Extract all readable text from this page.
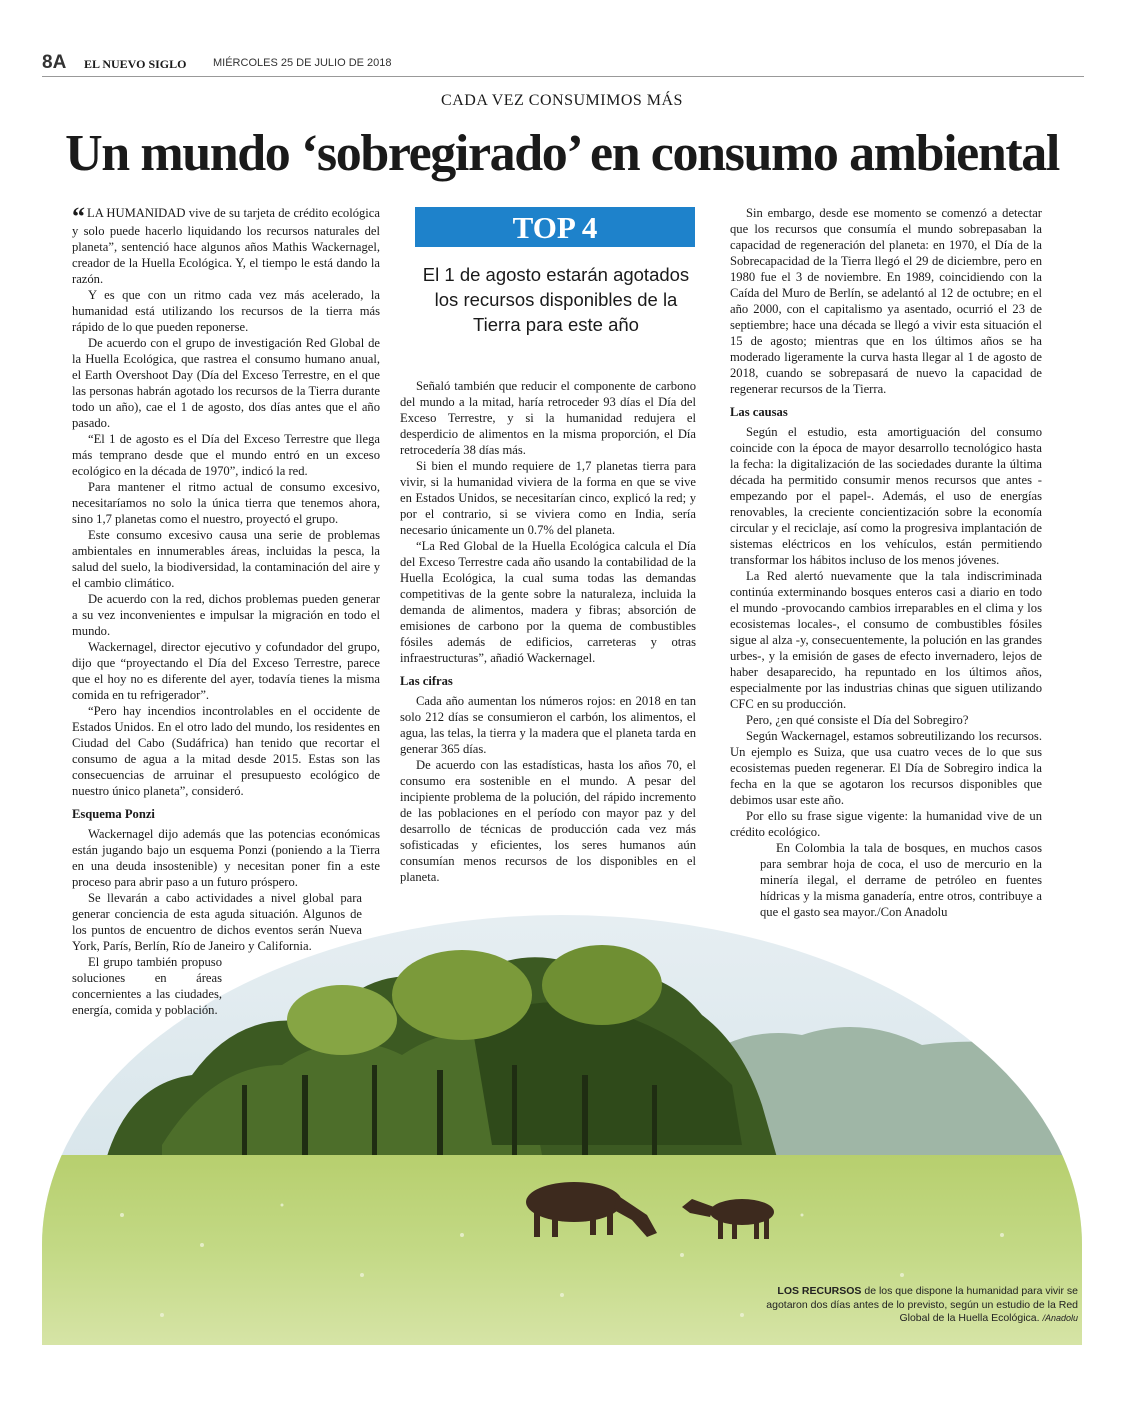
8A EL NUEVO SIGLO MIÉRCOLES 25 DE JULIO DE 2018
CADA VEZ CONSUMIMOS MÁS
Un mundo ‘sobregirado’ en consumo ambiental
TOP 4
El 1 de agosto estarán agotados los recursos disponibles de la Tierra para este año

“ LA HUMANIDAD vive de su tarjeta de crédito ecológica y solo puede hacerlo liquidando los recursos naturales del planeta”, sentenció hace algunos años Mathis Wackernagel, creador de la Huella Ecológica. Y, el tiempo le está dando la razón.

Y es que con un ritmo cada vez más acelerado, la humanidad está utilizando los recursos de la tierra más rápido de lo que pueden reponerse.

De acuerdo con el grupo de investigación Red Global de la Huella Ecológica, que rastrea el consumo humano anual, el Earth Overshoot Day (Día del Exceso Terrestre, en el que las personas habrán agotado los recursos de la Tierra durante todo un año), cae el 1 de agosto, dos días antes que el año pasado.

“El 1 de agosto es el Día del Exceso Terrestre que llega más temprano desde que el mundo entró en un exceso ecológico en la década de 1970”, indicó la red.

Para mantener el ritmo actual de consumo excesivo, necesitaríamos no solo la única tierra que tenemos ahora, sino 1,7 planetas como el nuestro, proyectó el grupo.

Este consumo excesivo causa una serie de problemas ambientales en innumerables áreas, incluidas la pesca, la salud del suelo, la biodiversidad, la contaminación del aire y el cambio climático.

De acuerdo con la red, dichos problemas pueden generar a su vez inconvenientes e impulsar la migración en todo el mundo.

Wackernagel, director ejecutivo y cofundador del grupo, dijo que “proyectando el Día del Exceso Terrestre, parece que el hoy no es diferente del ayer, todavía tienes la misma comida en tu refrigerador”.

“Pero hay incendios incontrolables en el occidente de Estados Unidos. En el otro lado del mundo, los residentes en Ciudad del Cabo (Sudáfrica) han tenido que recortar el consumo de agua a la mitad desde 2015. Estas son las consecuencias de arruinar el presupuesto ecológico de nuestro único planeta”, consideró.

Esquema Ponzi

Wackernagel dijo además que las potencias económicas están jugando bajo un esquema Ponzi (poniendo a la Tierra en una deuda insostenible) y necesitan poner fin a este proceso para abrir paso a un futuro próspero.

Se llevarán a cabo actividades a nivel global para generar conciencia de esta aguda situación. Algunos de los puntos de encuentro de dichos eventos serán Nueva York, París, Berlín, Río de Janeiro y California.

El grupo también propuso soluciones en áreas concernientes a las ciudades, energía, comida y población.

Señaló también que reducir el componente de carbono del mundo a la mitad, haría retroceder 93 días el Día del Exceso Terrestre, y si la humanidad redujera el desperdicio de alimentos en la misma proporción, el Día retrocedería 38 días más.

Si bien el mundo requiere de 1,7 planetas tierra para vivir, si la humanidad viviera de la forma en que se vive en Estados Unidos, se necesitarían cinco, explicó la red; y por el contrario, si se viviera como en India, sería necesario únicamente un 0.7% del planeta.

“La Red Global de la Huella Ecológica calcula el Día del Exceso Terrestre cada año usando la contabilidad de la Huella Ecológica, la cual suma todas las demandas competitivas de la gente sobre la naturaleza, incluida la demanda de alimentos, madera y fibras; absorción de emisiones de carbono por la quema de combustibles fósiles además de edificios, carreteras y otras infraestructuras”, añadió Wackernagel.

Las cifras

Cada año aumentan los números rojos: en 2018 en tan solo 212 días se consumieron el carbón, los alimentos, el agua, las telas, la tierra y la madera que el planeta tarda en generar 365 días.

De acuerdo con las estadísticas, hasta los años 70, el consumo era sostenible en el mundo. A pesar del incipiente problema de la polución, del rápido incremento de las poblaciones en el período con mayor paz y del desarrollo de técnicas de producción cada vez más sofisticadas y eficientes, los seres humanos aún consumían menos recursos de los disponibles en el planeta.

Sin embargo, desde ese momento se comenzó a detectar que los recursos que consumía el mundo sobrepasaban la capacidad de regeneración del planeta: en 1970, el Día de la Sobrecapacidad de la Tierra llegó el 29 de diciembre, pero en 1980 fue el 3 de noviembre. En 1989, coincidiendo con la Caída del Muro de Berlín, se adelantó al 12 de octubre; en el año 2000, con el capitalismo ya asentado, ocurrió el 23 de septiembre; hace una década se llegó a vivir esta situación el 15 de agosto; mientras que en los últimos años se ha moderado ligeramente la curva hasta llegar al 1 de agosto de 2018, cuando se sobrepasará de nuevo la capacidad de regenerar recursos de la Tierra.

Las causas

Según el estudio, esta amortiguación del consumo coincide con la época de mayor desarrollo tecnológico hasta la fecha: la digitalización de las sociedades durante la última década ha permitido consumir menos recursos que antes -empezando por el papel-. Además, el uso de energías renovables, la creciente concientización sobre la economía circular y el reciclaje, así como la progresiva implantación de sistemas eléctricos en los vehículos, están permitiendo transformar los hábitos incluso de los menos jóvenes.

La Red alertó nuevamente que la tala indiscriminada continúa exterminando bosques enteros casi a diario en todo el mundo -provocando cambios irreparables en el clima y los ecosistemas locales-, el consumo de combustibles fósiles sigue al alza -y, consecuentemente, la polución en las grandes urbes-, y la emisión de gases de efecto invernadero, lejos de haber desaparecido, ha repuntado en los últimos años, especialmente por las industrias chinas que siguen utilizando CFC en su producción.

Pero, ¿en qué consiste el Día del Sobregiro?

Según Wackernagel, estamos sobreutilizando los recursos. Un ejemplo es Suiza, que usa cuatro veces de lo que sus ecosistemas pueden regenerar. El Día de Sobregiro indica la fecha en la que se agotaron los recursos disponibles que debimos usar este año.

Por ello su frase sigue vigente: la humanidad vive de un crédito ecológico.

En Colombia la tala de bosques, en muchos casos para sembrar hoja de coca, el uso de mercurio en la minería ilegal, el derrame de petróleo en fuentes hídricas y la misma ganadería, entre otros, contribuye a que el gasto sea mayor./Con Anadolu

LOS RECURSOS de los que dispone la humanidad para vivir se agotaron dos días antes de lo previsto, según un estudio de la Red Global de la Huella Ecológica. /Anadolu
